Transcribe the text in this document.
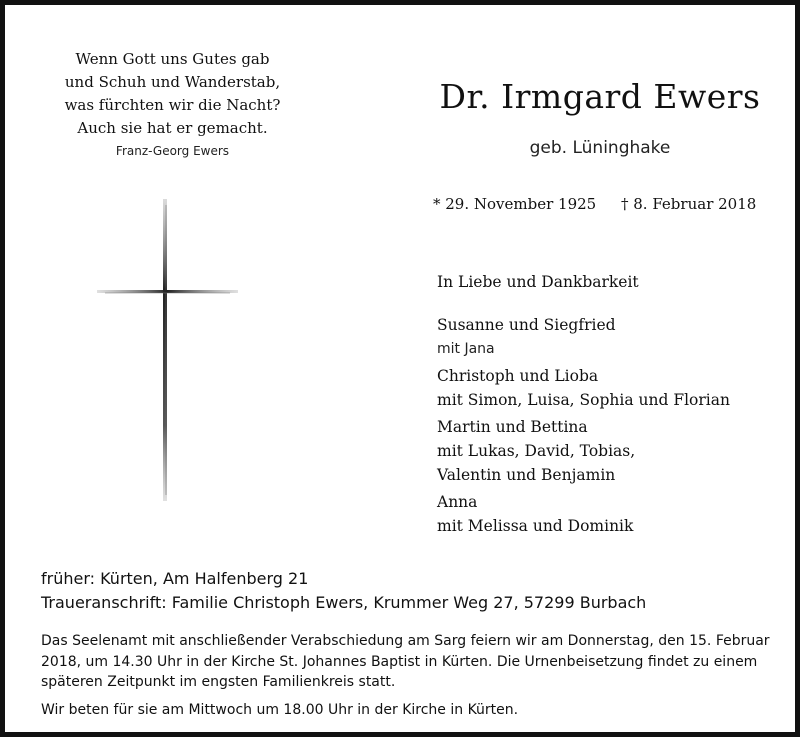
Wenn Gott uns Gutes gab
und Schuh und Wanderstab,
was fürchten wir die Nacht?
Auch sie hat er gemacht.
Franz-Georg Ewers
Dr. Irmgard Ewers
geb. Lüninghake
* 29. November 1925 † 8. Februar 2018
In Liebe und Dankbarkeit
Susanne und Siegfried
mit Jana
Christoph und Lioba
mit Simon, Luisa, Sophia und Florian
Martin und Bettina
mit Lukas, David, Tobias,
Valentin und Benjamin
Anna
mit Melissa und Dominik
früher: Kürten, Am Halfenberg 21
Traueranschrift: Familie Christoph Ewers, Krummer Weg 27, 57299 Burbach

Das Seelenamt mit anschließender Verabschiedung am Sarg feiern wir am Donnerstag, den 15. Februar 2018, um 14.30 Uhr in der Kirche St. Johannes Baptist in Kürten. Die Urnenbeisetzung findet zu einem späteren Zeitpunkt im engsten Familienkreis statt.

Wir beten für sie am Mittwoch um 18.00 Uhr in der Kirche in Kürten.
